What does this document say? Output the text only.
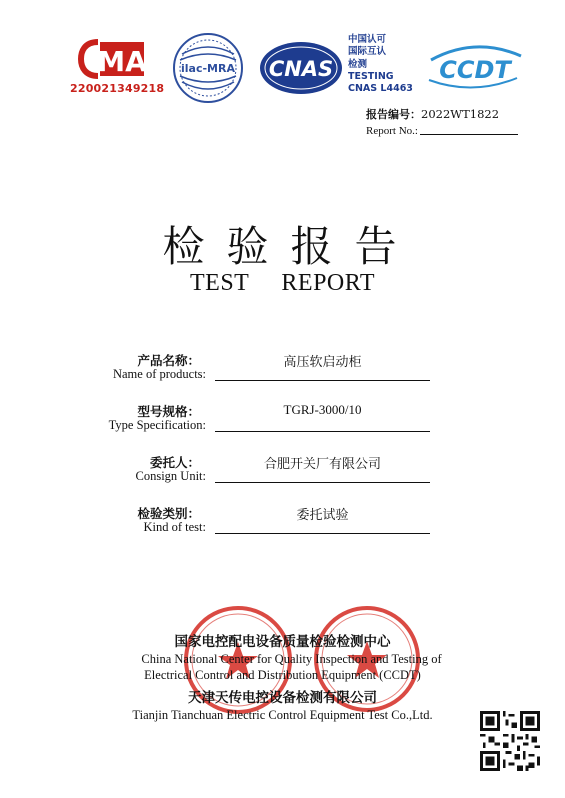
MA
220021349218
ilac-MRA CNAS
中国认可
国际互认
检测
TESTING
CNAS L4463
CCDT
报告编号：2022WT1822
Report No.:
检验报告
TEST     REPORT
产品名称：
Name of products:
高压软启动柜
型号规格：
Type Specification:
TGRJ-3000/10
委托人：
Consign Unit:
合肥开关厂有限公司
检验类别：
Kind of test:
委托试验
国家电控配电设备质量检验检测中心
China National Center for Quality Inspection and Testing of
Electrical Control and Distribution Equipment (CCDT)
天津天传电控设备检测有限公司
Tianjin Tianchuan Electric Control Equipment Test Co.,Ltd.
